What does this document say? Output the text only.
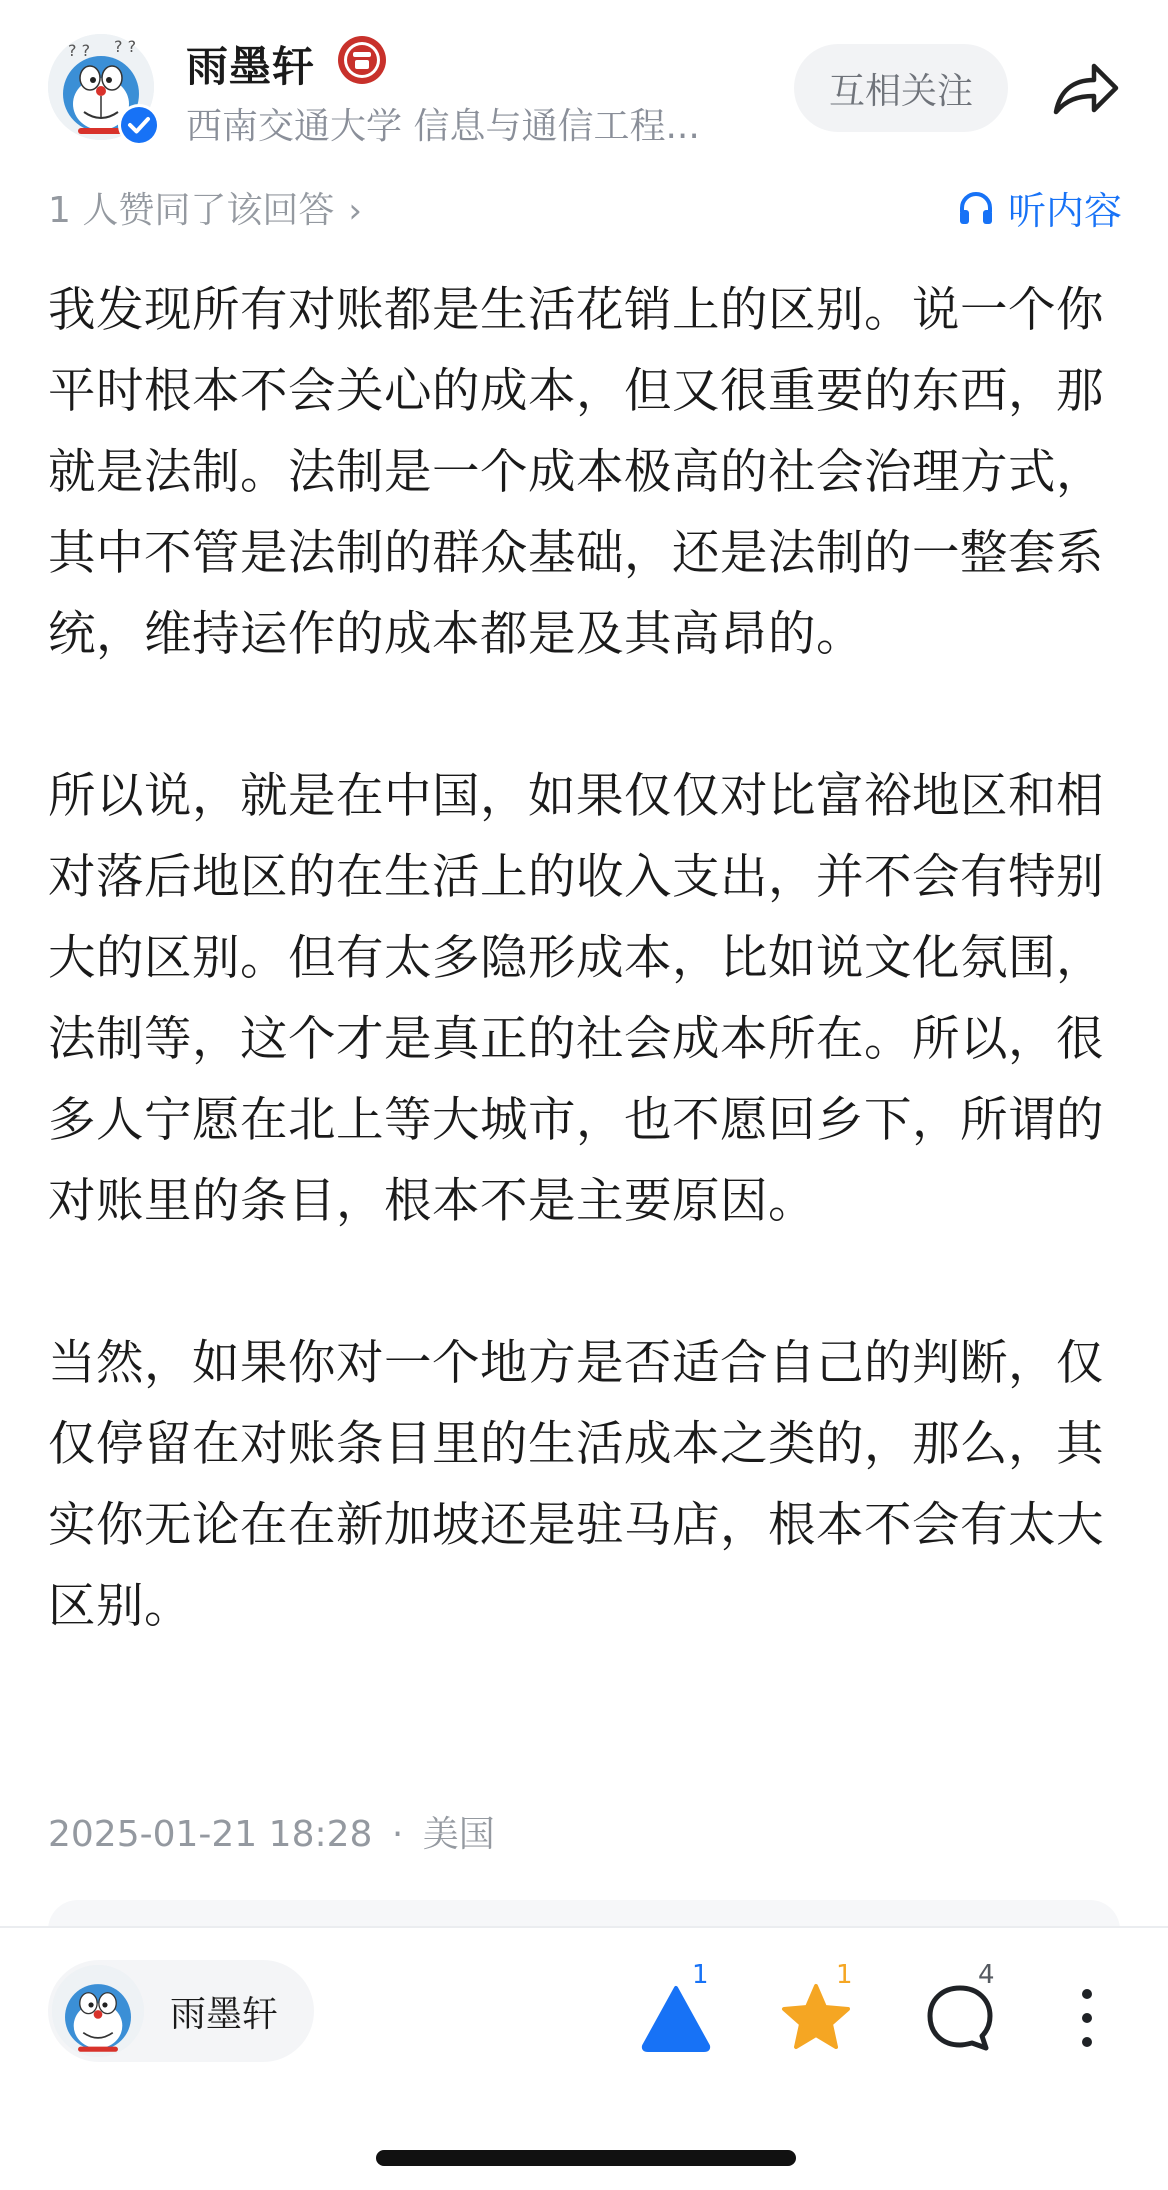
? ? ? ? 雨墨轩
西南交通大学 信息与通信工程...
互相关注
1 人赞同了该回答 ›	听内容

我发现所有对账都是生活花销上的区别。说一个你平时根本不会关心的成本，但又很重要的东西，那就是法制。法制是一个成本极高的社会治理方式，其中不管是法制的群众基础，还是法制的一整套系统，维持运作的成本都是及其高昂的。

所以说，就是在中国，如果仅仅对比富裕地区和相对落后地区的在生活上的收入支出，并不会有特别大的区别。但有太多隐形成本，比如说文化氛围，法制等，这个才是真正的社会成本所在。所以，很多人宁愿在北上等大城市，也不愿回乡下，所谓的对账里的条目，根本不是主要原因。

当然，如果你对一个地方是否适合自己的判断，仅仅停留在对账条目里的生活成本之类的，那么，其实你无论在在新加坡还是驻马店，根本不会有太大区别。

2025-01-21 18:28 · 美国
雨墨轩
1	1	4
